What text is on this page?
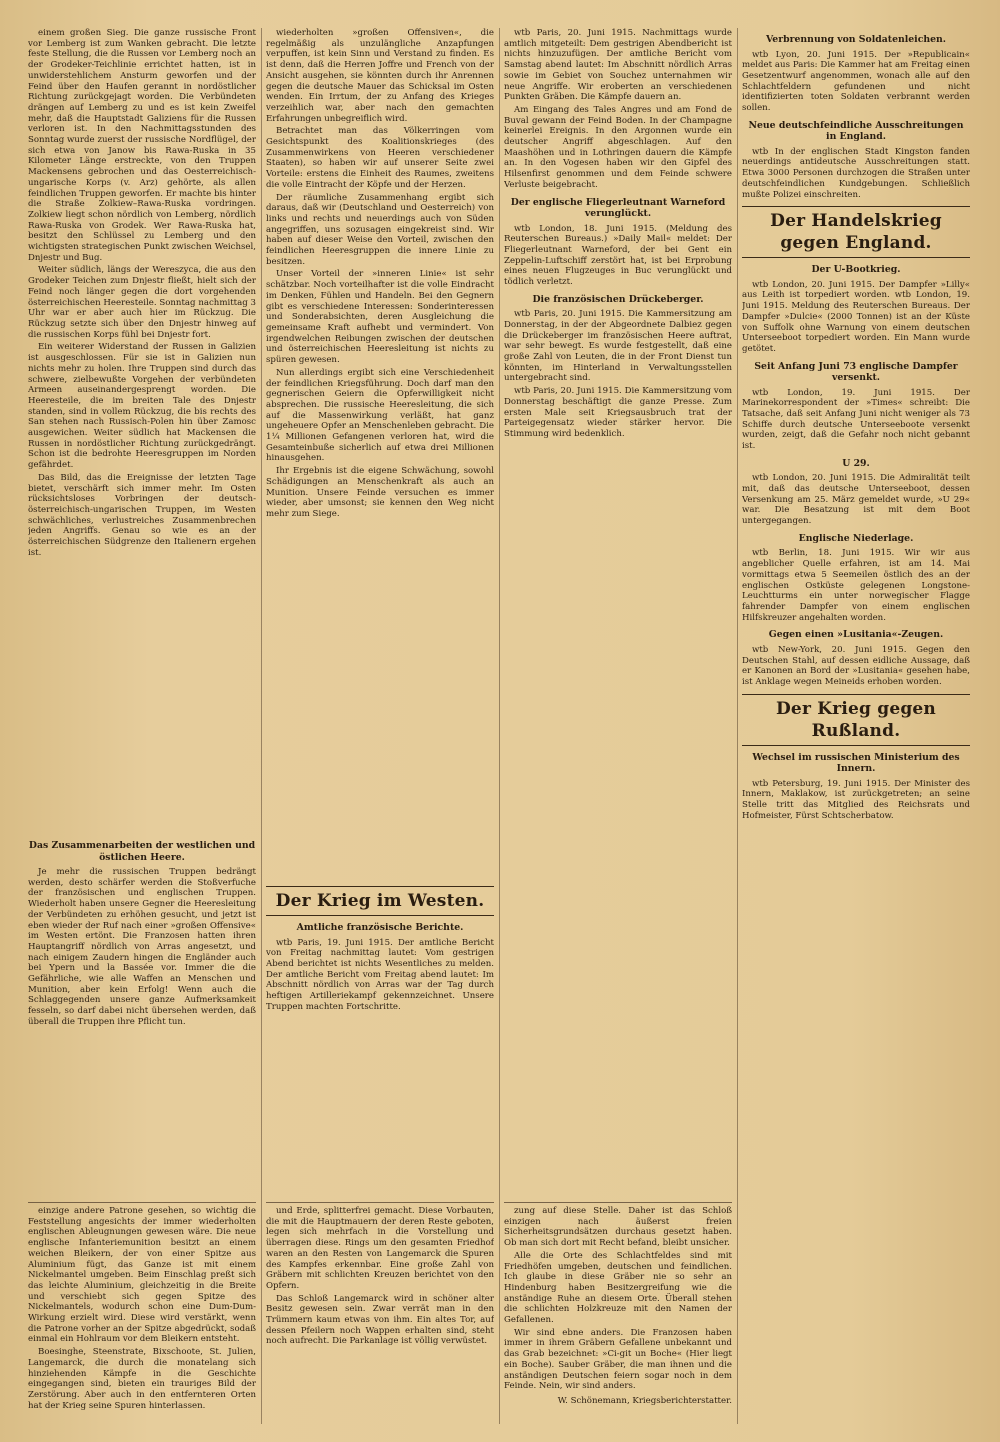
einem großen Sieg. Die ganze russische Front vor Lemberg ist zum Wanken gebracht. Die letzte feste Stellung, die die Russen vor Lemberg noch an der Grodeker-Teichlinie errichtet hatten, ist in unwiderstehlichem Ansturm geworfen und der Feind über den Haufen gerannt in nordöstlicher Richtung zurückgejagt worden. Die Verbündeten drängen auf Lemberg zu und es ist kein Zweifel mehr, daß die Hauptstadt Galiziens für die Russen verloren ist. In den Nachmittagsstunden des Sonntag wurde zuerst der russische Nordflügel, der sich etwa von Janow bis Rawa-Ruska in 35 Kilometer Länge erstreckte, von den Truppen Mackensens gebrochen und das Oesterreichisch-ungarische Korps (v. Arz) gehörte, als allen feindlichen Truppen geworfen. Er machte bis hinter die Straße Zolkiew–Rawa-Ruska vordringen. Zolkiew liegt schon nördlich von Lemberg, nördlich Rawa-Ruska von Grodek. Wer Rawa-Ruska hat, besitzt den Schlüssel zu Lemberg und den wichtigsten strategischen Punkt zwischen Weichsel, Dnjestr und Bug.

Weiter südlich, längs der Wereszyca, die aus den Grodeker Teichen zum Dnjestr fließt, hielt sich der Feind noch länger gegen die dort vorgehenden österreichischen Heeresteile. Sonntag nachmittag 3 Uhr war er aber auch hier im Rückzug. Die Rückzug setzte sich über den Dnjestr hinweg auf die russischen Korps fühl bei Dnjestr fort.

Ein weiterer Widerstand der Russen in Galizien ist ausgeschlossen. Für sie ist in Galizien nun nichts mehr zu holen. Ihre Truppen sind durch das schwere, zielbewußte Vorgehen der verbündeten Armeen auseinandergesprengt worden. Die Heeresteile, die im breiten Tale des Dnjestr standen, sind in vollem Rückzug, die bis rechts des San stehen nach Russisch-Polen hin über Zamosc ausgewichen. Weiter südlich hat Mackensen die Russen in nordöstlicher Richtung zurückgedrängt. Schon ist die bedrohte Heeresgruppen im Norden gefährdet.

Das Bild, das die Ereignisse der letzten Tage bietet, verschärft sich immer mehr. Im Osten rücksichtsloses Vorbringen der deutsch-österreichisch-ungarischen Truppen, im Westen schwächliches, verlustreiches Zusammenbrechen jeden Angriffs. Genau so wie es an der österreichischen Südgrenze den Italienern ergehen ist.

Das Zusammenarbeiten der westlichen und östlichen Heere.

Je mehr die russischen Truppen bedrängt werden, desto schärfer werden die Stoßverfuche der französischen und englischen Truppen. Wiederholt haben unsere Gegner die Heeresleitung der Verbündeten zu erhöhen gesucht, und jetzt ist eben wieder der Ruf nach einer »großen Offensive« im Westen ertönt. Die Franzosen hatten ihren Hauptangriff nördlich von Arras angesetzt, und nach einigem Zaudern hingen die Engländer auch bei Ypern und la Bassée vor. Immer die die Gefährliche, wie alle Waffen an Menschen und Munition, aber kein Erfolg! Wenn auch die Schlaggegenden unsere ganze Aufmerksamkeit fesseln, so darf dabei nicht übersehen werden, daß überall die Truppen ihre Pflicht tun.

einzige andere Patrone gesehen, so wichtig die Feststellung angesichts der immer wiederholten englischen Ableugnungen gewesen wäre. Die neue englische Infanteriemunition besitzt an einem weichen Bleikern, der von einer Spitze aus Aluminium fügt, das Ganze ist mit einem Nickelmantel umgeben. Beim Einschlag preßt sich das leichte Aluminium, gleichzeitig in die Breite und verschiebt sich gegen Spitze des Nickelmantels, wodurch schon eine Dum-Dum-Wirkung erzielt wird. Diese wird verstärkt, wenn die Patrone vorher an der Spitze abgedrückt, sodaß einmal ein Hohlraum vor dem Bleikern entsteht.

Boesinghe, Steenstrate, Bixschoote, St. Julien, Langemarck, die durch die monatelang sich hinziehenden Kämpfe in die Geschichte eingegangen sind, bieten ein trauriges Bild der Zerstörung. Aber auch in den entfernteren Orten hat der Krieg seine Spuren hinterlassen.

wiederholten »großen Offensiven«, die regelmäßig als unzulängliche Anzapfungen verpuffen, ist kein Sinn und Verstand zu finden. Es ist denn, daß die Herren Joffre und French von der Ansicht ausgehen, sie könnten durch ihr Anrennen gegen die deutsche Mauer das Schicksal im Osten wenden. Ein Irrtum, der zu Anfang des Krieges verzeihlich war, aber nach den gemachten Erfahrungen unbegreiflich wird.

Betrachtet man das Völkerringen vom Gesichtspunkt des Koalitionskrieges (des Zusammenwirkens von Heeren verschiedener Staaten), so haben wir auf unserer Seite zwei Vorteile: erstens die Einheit des Raumes, zweitens die volle Eintracht der Köpfe und der Herzen.

Der räumliche Zusammenhang ergibt sich daraus, daß wir (Deutschland und Oesterreich) von links und rechts und neuerdings auch von Süden angegriffen, uns sozusagen eingekreist sind. Wir haben auf dieser Weise den Vorteil, zwischen den feindlichen Heeresgruppen die innere Linie zu besitzen.

Unser Vorteil der »inneren Linie« ist sehr schätzbar. Noch vorteilhafter ist die volle Eindracht im Denken, Fühlen und Handeln. Bei den Gegnern gibt es verschiedene Interessen: Sonderinteressen und Sonderabsichten, deren Ausgleichung die gemeinsame Kraft aufhebt und vermindert. Von irgendwelchen Reibungen zwischen der deutschen und österreichischen Heeresleitung ist nichts zu spüren gewesen.

Nun allerdings ergibt sich eine Verschiedenheit der feindlichen Kriegsführung. Doch darf man den gegnerischen Geiern die Opferwilligkeit nicht absprechen. Die russische Heeresleitung, die sich auf die Massenwirkung verläßt, hat ganz ungeheuere Opfer an Menschenleben gebracht. Die 1¼ Millionen Gefangenen verloren hat, wird die Gesamteinbuße sicherlich auf etwa drei Millionen hinausgehen.

Ihr Ergebnis ist die eigene Schwächung, sowohl Schädigungen an Menschenkraft als auch an Munition. Unsere Feinde versuchen es immer wieder, aber umsonst; sie kennen den Weg nicht mehr zum Siege.

Der Krieg im Westen.
Amtliche französische Berichte.

wtb Paris, 19. Juni 1915. Der amtliche Bericht von Freitag nachmittag lautet: Vom gestrigen Abend berichtet ist nichts Wesentliches zu melden. Der amtliche Bericht vom Freitag abend lautet: Im Abschnitt nördlich von Arras war der Tag durch heftigen Artilleriekampf gekennzeichnet. Unsere Truppen machten Fortschritte.

und Erde, splitterfrei gemacht. Diese Vorbauten, die mit die Hauptmauern der deren Reste geboten, legen sich mehrfach in die Vorstellung und überragen diese. Rings um den gesamten Friedhof waren an den Resten von Langemarck die Spuren des Kampfes erkennbar. Eine große Zahl von Gräbern mit schlichten Kreuzen berichtet von den Opfern.

Das Schloß Langemarck wird in schöner alter Besitz gewesen sein. Zwar verrät man in den Trümmern kaum etwas von ihm. Ein altes Tor, auf dessen Pfeilern noch Wappen erhalten sind, steht noch aufrecht. Die Parkanlage ist völlig verwüstet.

wtb Paris, 20. Juni 1915. Nachmittags wurde amtlich mitgeteilt: Dem gestrigen Abendbericht ist nichts hinzuzufügen. Der amtliche Bericht vom Samstag abend lautet: Im Abschnitt nördlich Arras sowie im Gebiet von Souchez unternahmen wir neue Angriffe. Wir eroberten an verschiedenen Punkten Gräben. Die Kämpfe dauern an.

Am Eingang des Tales Angres und am Fond de Buval gewann der Feind Boden. In der Champagne keinerlei Ereignis. In den Argonnen wurde ein deutscher Angriff abgeschlagen. Auf den Maashöhen und in Lothringen dauern die Kämpfe an. In den Vogesen haben wir den Gipfel des Hilsenfirst genommen und dem Feinde schwere Verluste beigebracht.

Der englische Fliegerleutnant Warneford verunglückt.

wtb London, 18. Juni 1915. (Meldung des Reuterschen Bureaus.) »Daily Mail« meldet: Der Fliegerleutnant Warneford, der bei Gent ein Zeppelin-Luftschiff zerstört hat, ist bei Erprobung eines neuen Flugzeuges in Buc verunglückt und tödlich verletzt.

Die französischen Drückeberger.

wtb Paris, 20. Juni 1915. Die Kammersitzung am Donnerstag, in der der Abgeordnete Dalbiez gegen die Drückeberger im französischen Heere auftrat, war sehr bewegt. Es wurde festgestellt, daß eine große Zahl von Leuten, die in der Front Dienst tun könnten, im Hinterland in Verwaltungsstellen untergebracht sind.

wtb Paris, 20. Juni 1915. Die Kammersitzung vom Donnerstag beschäftigt die ganze Presse. Zum ersten Male seit Kriegsausbruch trat der Parteigegensatz wieder stärker hervor. Die Stimmung wird bedenklich.

zung auf diese Stelle. Daher ist das Schloß einzigen nach äußerst freien Sicherheitsgrundsätzen durchaus gesetzt haben. Ob man sich dort mit Recht befand, bleibt unsicher.

Alle die Orte des Schlachtfeldes sind mit Friedhöfen umgeben, deutschen und feindlichen. Ich glaube in diese Gräber nie so sehr an Hindenburg haben Besitzergreifung wie die anständige Ruhe an diesem Orte. Überall stehen die schlichten Holzkreuze mit den Namen der Gefallenen.

Wir sind ebne anders. Die Franzosen haben immer in ihrem Gräbern Gefallene unbekannt und das Grab bezeichnet: »Ci-git un Boche« (Hier liegt ein Boche). Sauber Gräber, die man ihnen und die anständigen Deutschen feiern sogar noch in dem Feinde. Nein, wir sind anders.

W. Schönemann, Kriegsberichterstatter.

Verbrennung von Soldatenleichen.

wtb Lyon, 20. Juni 1915. Der »Republicain« meldet aus Paris: Die Kammer hat am Freitag einen Gesetzentwurf angenommen, wonach alle auf den Schlachtfeldern gefundenen und nicht identifizierten toten Soldaten verbrannt werden sollen.

Neue deutschfeindliche Ausschreitungen in England.

wtb In der englischen Stadt Kingston fanden neuerdings antideutsche Ausschreitungen statt. Etwa 3000 Personen durchzogen die Straßen unter deutschfeindlichen Kundgebungen. Schließlich mußte Polizei einschreiten.

Der Handelskrieg gegen England.
Der U-Bootkrieg.

wtb London, 20. Juni 1915. Der Dampfer »Lilly« aus Leith ist torpediert worden. wtb London, 19. Juni 1915. Meldung des Reuterschen Bureaus. Der Dampfer »Dulcie« (2000 Tonnen) ist an der Küste von Suffolk ohne Warnung von einem deutschen Unterseeboot torpediert worden. Ein Mann wurde getötet.

Seit Anfang Juni 73 englische Dampfer versenkt.

wtb London, 19. Juni 1915. Der Marinekorrespondent der »Times« schreibt: Die Tatsache, daß seit Anfang Juni nicht weniger als 73 Schiffe durch deutsche Unterseeboote versenkt wurden, zeigt, daß die Gefahr noch nicht gebannt ist.

U 29.

wtb London, 20. Juni 1915. Die Admiralität teilt mit, daß das deutsche Unterseeboot, dessen Versenkung am 25. März gemeldet wurde, »U 29« war. Die Besatzung ist mit dem Boot untergegangen.

Englische Niederlage.

wtb Berlin, 18. Juni 1915. Wir wir aus angeblicher Quelle erfahren, ist am 14. Mai vormittags etwa 5 Seemeilen östlich des an der englischen Ostküste gelegenen Longstone-Leuchtturms ein unter norwegischer Flagge fahrender Dampfer von einem englischen Hilfskreuzer angehalten worden.

Gegen einen »Lusitania«-Zeugen.

wtb New-York, 20. Juni 1915. Gegen den Deutschen Stahl, auf dessen eidliche Aussage, daß er Kanonen an Bord der »Lusitania« gesehen habe, ist Anklage wegen Meineids erhoben worden.

Der Krieg gegen Rußland.
Wechsel im russischen Ministerium des Innern.

wtb Petersburg, 19. Juni 1915. Der Minister des Innern, Maklakow, ist zurückgetreten; an seine Stelle tritt das Mitglied des Reichsrats und Hofmeister, Fürst Schtscherbatow.
